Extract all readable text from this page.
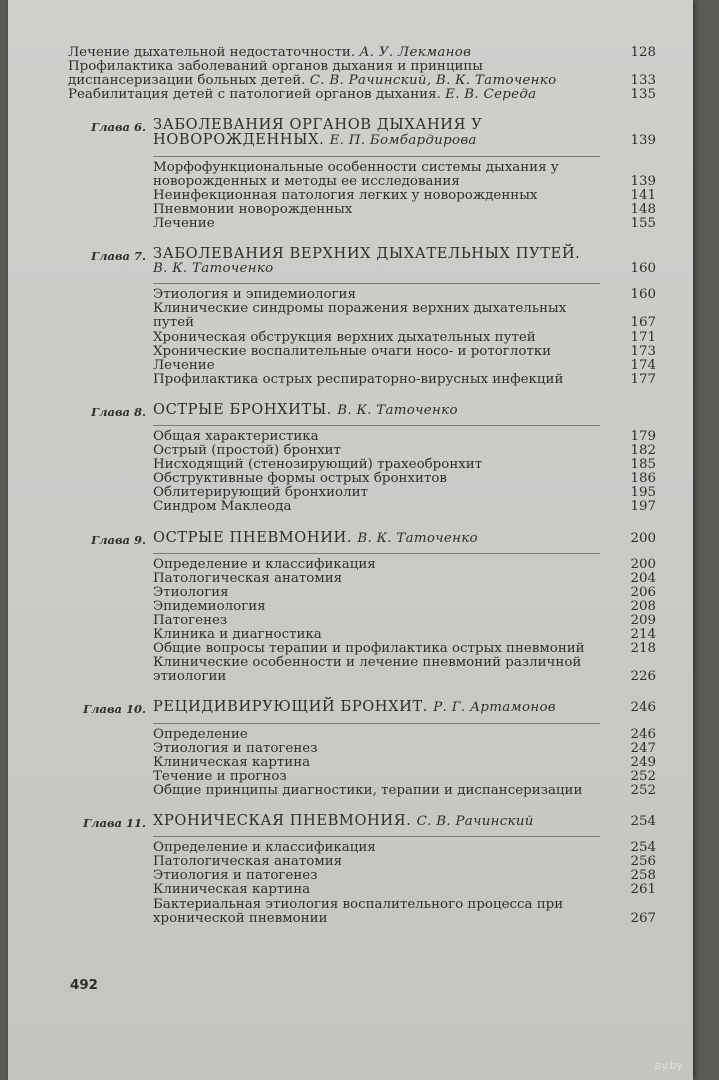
Лечение дыхательной недостаточности. А. У. Лекманов	128
Профилактика заболеваний органов дыхания и принципы диспансеризации больных детей. С. В. Рачинский, В. К. Таточенко	133
Реабилитация детей с патологией органов дыхания. Е. В. Середа	135
Глава 6. ЗАБОЛЕВАНИЯ ОРГАНОВ ДЫХАНИЯ У НОВОРОЖДЕННЫХ. Е. П. Бомбардирова	139
Морфофункциональные особенности системы дыхания у новорожденных и методы ее исследования	139
Неинфекционная патология легких у новорожденных	141
Пневмонии новорожденных	148
Лечение	155
Глава 7. ЗАБОЛЕВАНИЯ ВЕРХНИХ ДЫХАТЕЛЬНЫХ ПУТЕЙ. В. К. Таточенко	160
Этиология и эпидемиология	160
Клинические синдромы поражения верхних дыхательных путей	167
Хроническая обструкция верхних дыхательных путей	171
Хронические воспалительные очаги носо- и ротоглотки	173
Лечение	174
Профилактика острых респираторно-вирусных инфекций	177
Глава 8. ОСТРЫЕ БРОНХИТЫ. В. К. Таточенко
Общая характеристика	179
Острый (простой) бронхит	182
Нисходящий (стенозирующий) трахеобронхит	185
Обструктивные формы острых бронхитов	186
Облитерирующий бронхиолит	195
Синдром Маклеода	197
Глава 9. ОСТРЫЕ ПНЕВМОНИИ. В. К. Таточенко	200
Определение и классификация	200
Патологическая анатомия	204
Этиология	206
Эпидемиология	208
Патогенез	209
Клиника и диагностика	214
Общие вопросы терапии и профилактика острых пневмоний	218
Клинические особенности и лечение пневмоний различной этиологии	226
Глава 10. РЕЦИДИВИРУЮЩИЙ БРОНХИТ. Р. Г. Артамонов	246
Определение	246
Этиология и патогенез	247
Клиническая картина	249
Течение и прогноз	252
Общие принципы диагностики, терапии и диспансеризации	252
Глава 11. ХРОНИЧЕСКАЯ ПНЕВМОНИЯ. С. В. Рачинский	254
Определение и классификация	254
Патологическая анатомия	256
Этиология и патогенез	258
Клиническая картина	261
Бактериальная этиология воспалительного процесса при хронической пневмонии	267
492
ay.by
